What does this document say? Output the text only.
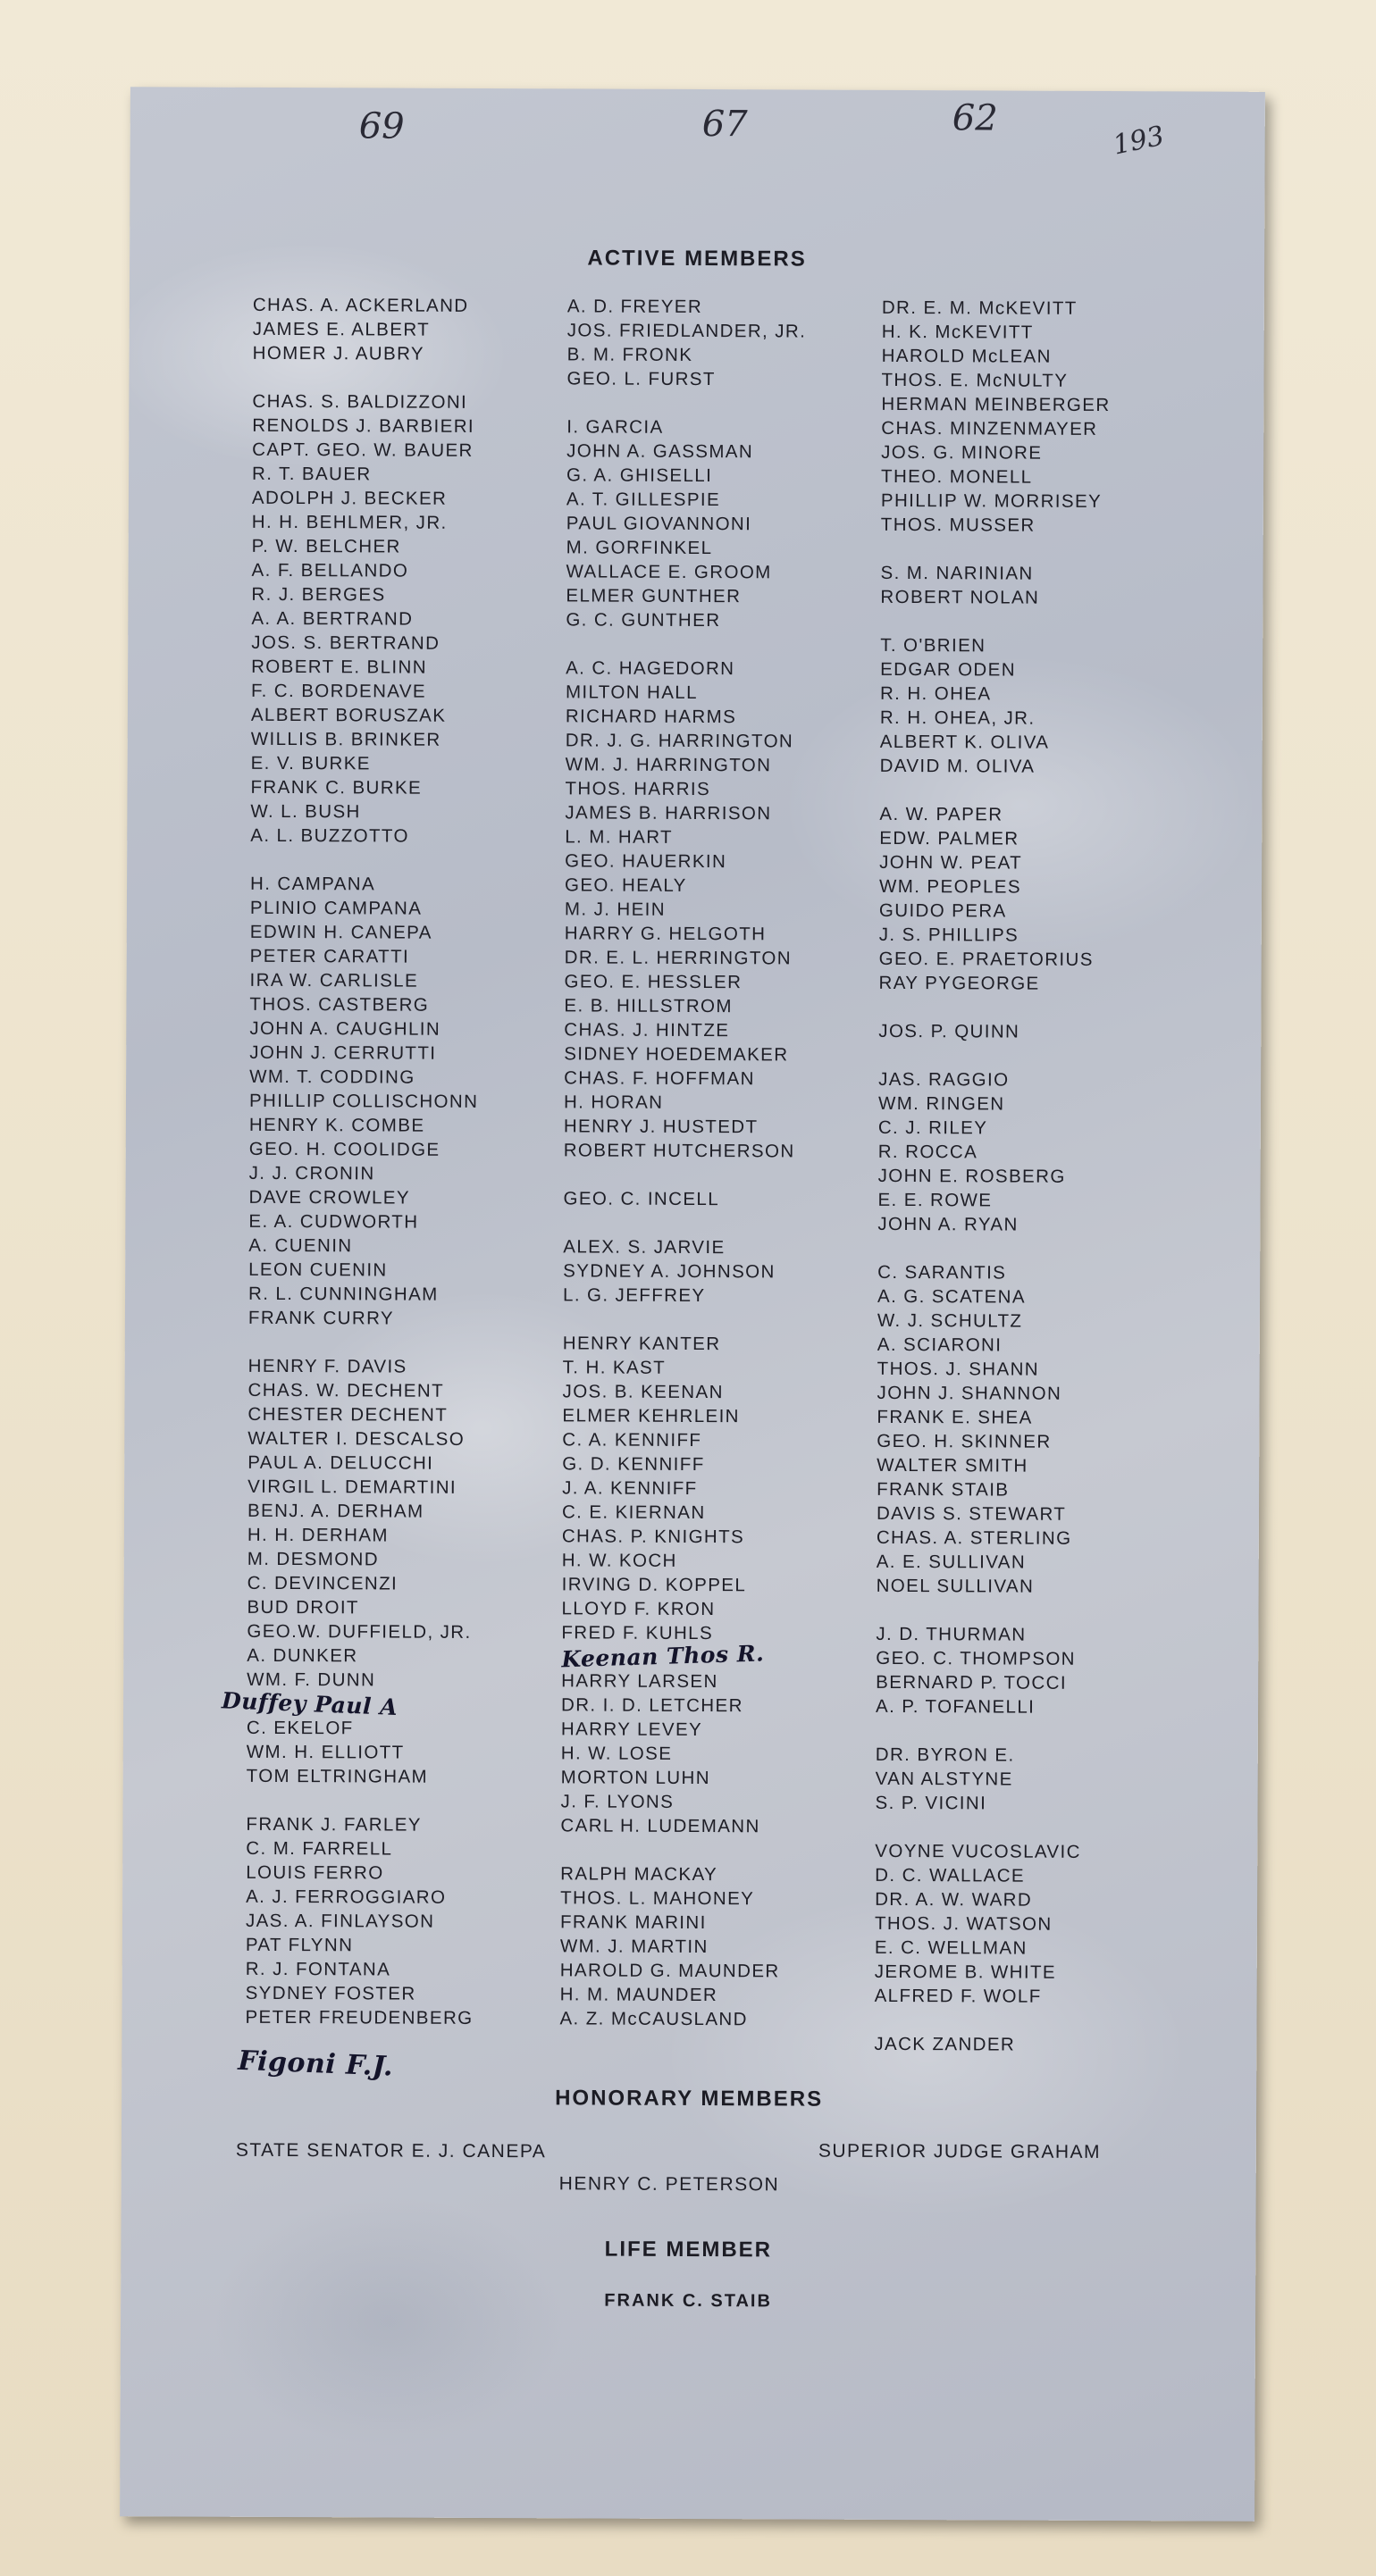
69	67	62
193
ACTIVE MEMBERS
CHAS. A. ACKERLAND
JAMES E. ALBERT
HOMER J. AUBRY
CHAS. S. BALDIZZONI
RENOLDS J. BARBIERI
CAPT. GEO. W. BAUER
R. T. BAUER
ADOLPH J. BECKER
H. H. BEHLMER, JR.
P. W. BELCHER
A. F. BELLANDO
R. J. BERGES
A. A. BERTRAND
JOS. S. BERTRAND
ROBERT E. BLINN
F. C. BORDENAVE
ALBERT BORUSZAK
WILLIS B. BRINKER
E. V. BURKE
FRANK C. BURKE
W. L. BUSH
A. L. BUZZOTTO
H. CAMPANA
PLINIO CAMPANA
EDWIN H. CANEPA
PETER CARATTI
IRA W. CARLISLE
THOS. CASTBERG
JOHN A. CAUGHLIN
JOHN J. CERRUTTI
WM. T. CODDING
PHILLIP COLLISCHONN
HENRY K. COMBE
GEO. H. COOLIDGE
J. J. CRONIN
DAVE CROWLEY
E. A. CUDWORTH
A. CUENIN
LEON CUENIN
R. L. CUNNINGHAM
FRANK CURRY
HENRY F. DAVIS
CHAS. W. DECHENT
CHESTER DECHENT
WALTER I. DESCALSO
PAUL A. DELUCCHI
VIRGIL L. DEMARTINI
BENJ. A. DERHAM
H. H. DERHAM
M. DESMOND
C. DEVINCENZI
BUD DROIT
GEO.W. DUFFIELD, JR.
A. DUNKER
WM. F. DUNN
C. EKELOF
WM. H. ELLIOTT
TOM ELTRINGHAM
FRANK J. FARLEY
C. M. FARRELL
LOUIS FERRO
A. J. FERROGGIARO
JAS. A. FINLAYSON
PAT FLYNN
R. J. FONTANA
SYDNEY FOSTER
PETER FREUDENBERG
A. D. FREYER
JOS. FRIEDLANDER, JR.
B. M. FRONK
GEO. L. FURST
I. GARCIA
JOHN A. GASSMAN
G. A. GHISELLI
A. T. GILLESPIE
PAUL GIOVANNONI
M. GORFINKEL
WALLACE E. GROOM
ELMER GUNTHER
G. C. GUNTHER
A. C. HAGEDORN
MILTON HALL
RICHARD HARMS
DR. J. G. HARRINGTON
WM. J. HARRINGTON
THOS. HARRIS
JAMES B. HARRISON
L. M. HART
GEO. HAUERKIN
GEO. HEALY
M. J. HEIN
HARRY G. HELGOTH
DR. E. L. HERRINGTON
GEO. E. HESSLER
E. B. HILLSTROM
CHAS. J. HINTZE
SIDNEY HOEDEMAKER
CHAS. F. HOFFMAN
H. HORAN
HENRY J. HUSTEDT
ROBERT HUTCHERSON
GEO. C. INCELL
ALEX. S. JARVIE
SYDNEY A. JOHNSON
L. G. JEFFREY
HENRY KANTER
T. H. KAST
JOS. B. KEENAN
ELMER KEHRLEIN
C. A. KENNIFF
G. D. KENNIFF
J. A. KENNIFF
C. E. KIERNAN
CHAS. P. KNIGHTS
H. W. KOCH
IRVING D. KOPPEL
LLOYD F. KRON
FRED F. KUHLS
HARRY LARSEN
DR. I. D. LETCHER
HARRY LEVEY
H. W. LOSE
MORTON LUHN
J. F. LYONS
CARL H. LUDEMANN
RALPH MACKAY
THOS. L. MAHONEY
FRANK MARINI
WM. J. MARTIN
HAROLD G. MAUNDER
H. M. MAUNDER
A. Z. McCAUSLAND
DR. E. M. McKEVITT
H. K. McKEVITT
HAROLD McLEAN
THOS. E. McNULTY
HERMAN MEINBERGER
CHAS. MINZENMAYER
JOS. G. MINORE
THEO. MONELL
PHILLIP W. MORRISEY
THOS. MUSSER
S. M. NARINIAN
ROBERT NOLAN
T. O'BRIEN
EDGAR ODEN
R. H. OHEA
R. H. OHEA, JR.
ALBERT K. OLIVA
DAVID M. OLIVA
A. W. PAPER
EDW. PALMER
JOHN W. PEAT
WM. PEOPLES
GUIDO PERA
J. S. PHILLIPS
GEO. E. PRAETORIUS
RAY PYGEORGE
JOS. P. QUINN
JAS. RAGGIO
WM. RINGEN
C. J. RILEY
R. ROCCA
JOHN E. ROSBERG
E. E. ROWE
JOHN A. RYAN
C. SARANTIS
A. G. SCATENA
W. J. SCHULTZ
A. SCIARONI
THOS. J. SHANN
JOHN J. SHANNON
FRANK E. SHEA
GEO. H. SKINNER
WALTER SMITH
FRANK STAIB
DAVIS S. STEWART
CHAS. A. STERLING
A. E. SULLIVAN
NOEL SULLIVAN
J. D. THURMAN
GEO. C. THOMPSON
BERNARD P. TOCCI
A. P. TOFANELLI
DR. BYRON E.
VAN ALSTYNE
S. P. VICINI
VOYNE VUCOSLAVIC
D. C. WALLACE
DR. A. W. WARD
THOS. J. WATSON
E. C. WELLMAN
JEROME B. WHITE
ALFRED F. WOLF
JACK ZANDER
Duffey Paul A
Keenan Thos R.
Figoni F.J.
HONORARY MEMBERS
STATE SENATOR E. J. CANEPA	SUPERIOR JUDGE GRAHAM
HENRY C. PETERSON
LIFE MEMBER
FRANK C. STAIB
